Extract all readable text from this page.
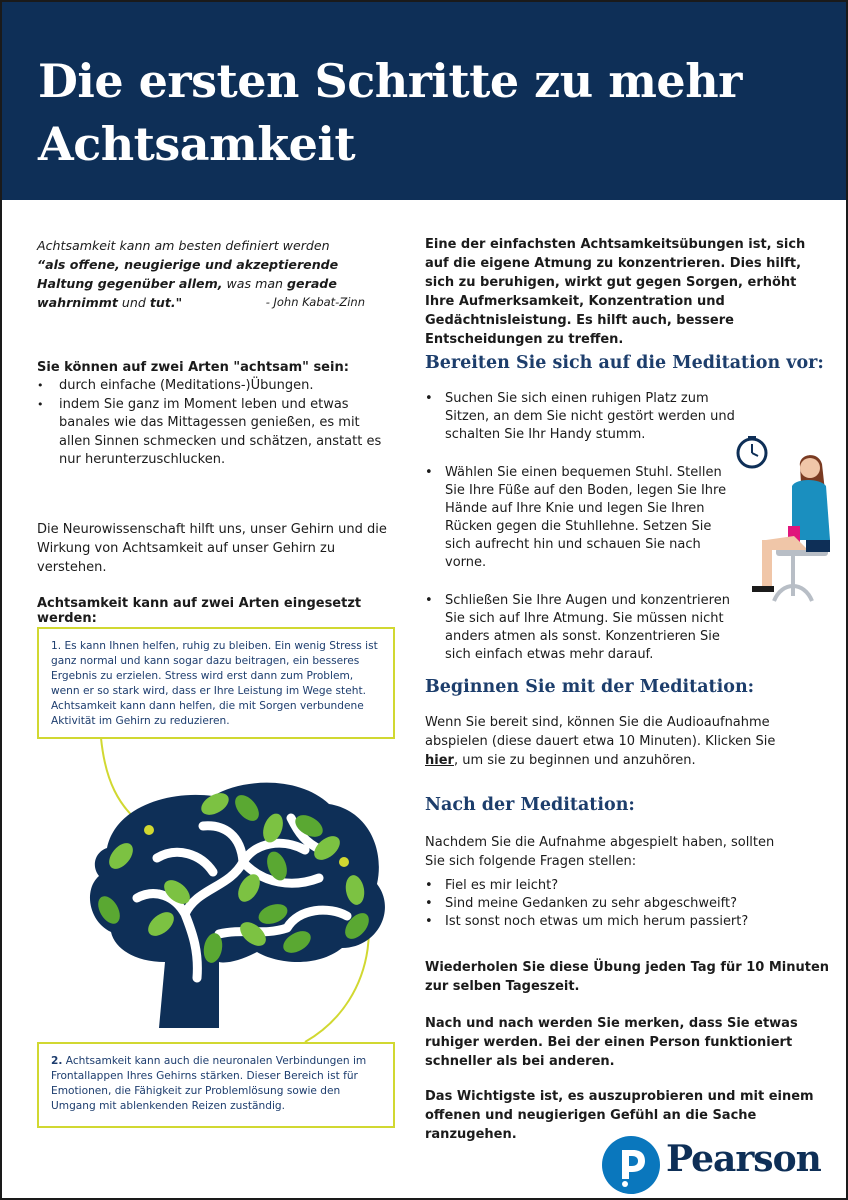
Die ersten Schritte zu mehr
Achtsamkeit
Achtsamkeit kann am besten definiert werden
“als offene, neugierige und akzeptierende Haltung gegenüber allem, was man gerade wahrnimmt und tut."	- John Kabat-Zinn
Sie können auf zwei Arten "achtsam" sein:
• durch einfache (Meditations-)Übungen.
• indem Sie ganz im Moment leben und etwas banales wie das Mittagessen genießen, es mit allen Sinnen schmecken und schätzen, anstatt es nur herunterzuschlucken.
Die Neurowissenschaft hilft uns, unser Gehirn und die Wirkung von Achtsamkeit auf unser Gehirn zu verstehen.
Achtsamkeit kann auf zwei Arten eingesetzt werden:
1. Es kann Ihnen helfen, ruhig zu bleiben. Ein wenig Stress ist ganz normal und kann sogar dazu beitragen, ein besseres Ergebnis zu erzielen. Stress wird erst dann zum Problem, wenn er so stark wird, dass er Ihre Leistung im Wege steht. Achtsamkeit kann dann helfen, die mit Sorgen verbundene Aktivität im Gehirn zu reduzieren.
2. Achtsamkeit kann auch die neuronalen Verbindungen im Frontallappen Ihres Gehirns stärken. Dieser Bereich ist für Emotionen, die Fähigkeit zur Problemlösung sowie den Umgang mit ablenkenden Reizen zuständig.
Eine der einfachsten Achtsamkeitsübungen ist, sich auf die eigene Atmung zu konzentrieren. Dies hilft, sich zu beruhigen, wirkt gut gegen Sorgen, erhöht Ihre Aufmerksamkeit, Konzentration und Gedächtnisleistung. Es hilft auch, bessere Entscheidungen zu treffen.
Bereiten Sie sich auf die Meditation vor:
• Suchen Sie sich einen ruhigen Platz zum Sitzen, an dem Sie nicht gestört werden und schalten Sie Ihr Handy stumm.
• Wählen Sie einen bequemen Stuhl. Stellen Sie Ihre Füße auf den Boden, legen Sie Ihre Hände auf Ihre Knie und legen Sie Ihren Rücken gegen die Stuhllehne. Setzen Sie sich aufrecht hin und schauen Sie nach vorne.
• Schließen Sie Ihre Augen und konzentrieren Sie sich auf Ihre Atmung. Sie müssen nicht anders atmen als sonst. Konzentrieren Sie sich einfach etwas mehr darauf.
Beginnen Sie mit der Meditation:
Wenn Sie bereit sind, können Sie die Audioaufnahme abspielen (diese dauert etwa 10 Minuten). Klicken Sie hier, um sie zu beginnen und anzuhören.
Nach der Meditation:
Nachdem Sie die Aufnahme abgespielt haben, sollten Sie sich folgende Fragen stellen:
• Fiel es mir leicht?
• Sind meine Gedanken zu sehr abgeschweift?
• Ist sonst noch etwas um mich herum passiert?
Wiederholen Sie diese Übung jeden Tag für 10 Minuten zur selben Tageszeit.
Nach und nach werden Sie merken, dass Sie etwas ruhiger werden. Bei der einen Person funktioniert schneller als bei anderen.
Das Wichtigste ist, es auszuprobieren und mit einem offenen und neugierigen Gefühl an die Sache ranzugehen.
Pearson
